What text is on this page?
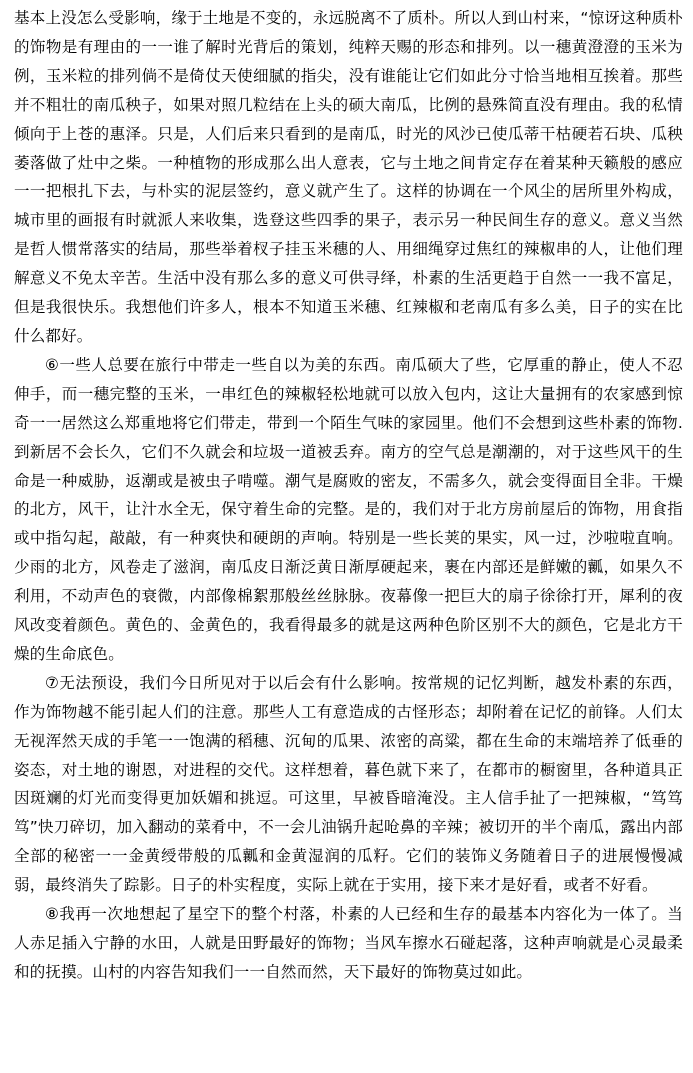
基本上没怎么受影响，缘于土地是不变的，永远脱离不了质朴。所以人到山村来，“惊讶这种质朴的饰物是有理由的一一谁了解时光背后的策划，纯粹天赐的形态和排列。以一穗黄澄澄的玉米为例，玉米粒的排列倘不是倚仗天使细腻的指尖，没有谁能让它们如此分寸恰当地相互挨着。那些并不粗壮的南瓜秧子，如果对照几粒结在上头的硕大南瓜，比例的悬殊简直没有理由。我的私情倾向于上苍的惠泽。只是，人们后来只看到的是南瓜，时光的风沙已使瓜蒂干枯硬若石块、瓜秧萎落做了灶中之柴。一种植物的形成那么出人意表，它与土地之间肯定存在着某种天籁般的感应一一把根扎下去，与朴实的泥层签约，意义就产生了。这样的协调在一个风尘的居所里外构成，城市里的画报有时就派人来收集，选登这些四季的果子，表示另一种民间生存的意义。意义当然是哲人惯常落实的结局，那些举着杈子挂玉米穗的人、用细绳穿过焦红的辣椒串的人，让他们理解意义不免太辛苦。生活中没有那么多的意义可供寻绎，朴素的生活更趋于自然一一我不富足，但是我很快乐。我想他们许多人，根本不知道玉米穗、红辣椒和老南瓜有多么美，日子的实在比什么都好。

⑥一些人总要在旅行中带走一些自以为美的东西。南瓜硕大了些，它厚重的静止，使人不忍伸手，而一穗完整的玉米，一串红色的辣椒轻松地就可以放入包内，这让大量拥有的农家感到惊奇一一居然这么郑重地将它们带走，带到一个陌生气味的家园里。他们不会想到这些朴素的饰物.到新居不会长久，它们不久就会和垃圾一道被丢弃。南方的空气总是潮潮的，对于这些风干的生命是一种威胁，返潮或是被虫子啃噬。潮气是腐败的密友，不需多久，就会变得面目全非。干燥的北方，风干，让汁水全无，保守着生命的完整。是的，我们对于北方房前屋后的饰物，用食指或中指勾起，敲敲，有一种爽快和硬朗的声响。特别是一些长荚的果实，风一过，沙啦啦直响。少雨的北方，风卷走了滋润，南瓜皮日渐泛黄日渐厚硬起来，裹在内部还是鲜嫩的瓤，如果久不利用，不动声色的衰微，内部像棉絮那般丝丝脉脉。夜幕像一把巨大的扇子徐徐打开，犀利的夜风改变着颜色。黄色的、金黄色的，我看得最多的就是这两种色阶区别不大的颜色，它是北方干燥的生命底色。

⑦无法预设，我们今日所见对于以后会有什么影响。按常规的记忆判断，越发朴素的东西，作为饰物越不能引起人们的注意。那些人工有意造成的古怪形态；却附着在记忆的前锋。人们太无视浑然天成的手笔一一饱满的稻穗、沉甸的瓜果、浓密的高粱，都在生命的末端培养了低垂的姿态，对土地的谢恩，对进程的交代。这样想着，暮色就下来了，在都市的橱窗里，各种道具正因斑斓的灯光而变得更加妖媚和挑逗。可这里，早被昏暗淹没。主人信手扯了一把辣椒，“笃笃笃”快刀碎切，加入翻动的菜肴中，不一会儿油锅升起呛鼻的辛辣；被切开的半个南瓜，露出内部全部的秘密一一金黄绶带般的瓜瓤和金黄湿润的瓜籽。它们的装饰义务随着日子的进展慢慢减弱，最终消失了踪影。日子的朴实程度，实际上就在于实用，接下来才是好看，或者不好看。

⑧我再一次地想起了星空下的整个村落，朴素的人已经和生存的最基本内容化为一体了。当人赤足插入宁静的水田，人就是田野最好的饰物；当风车擦水石碰起落，这种声响就是心灵最柔和的抚摸。山村的内容告知我们一一自然而然，天下最好的饰物莫过如此。
